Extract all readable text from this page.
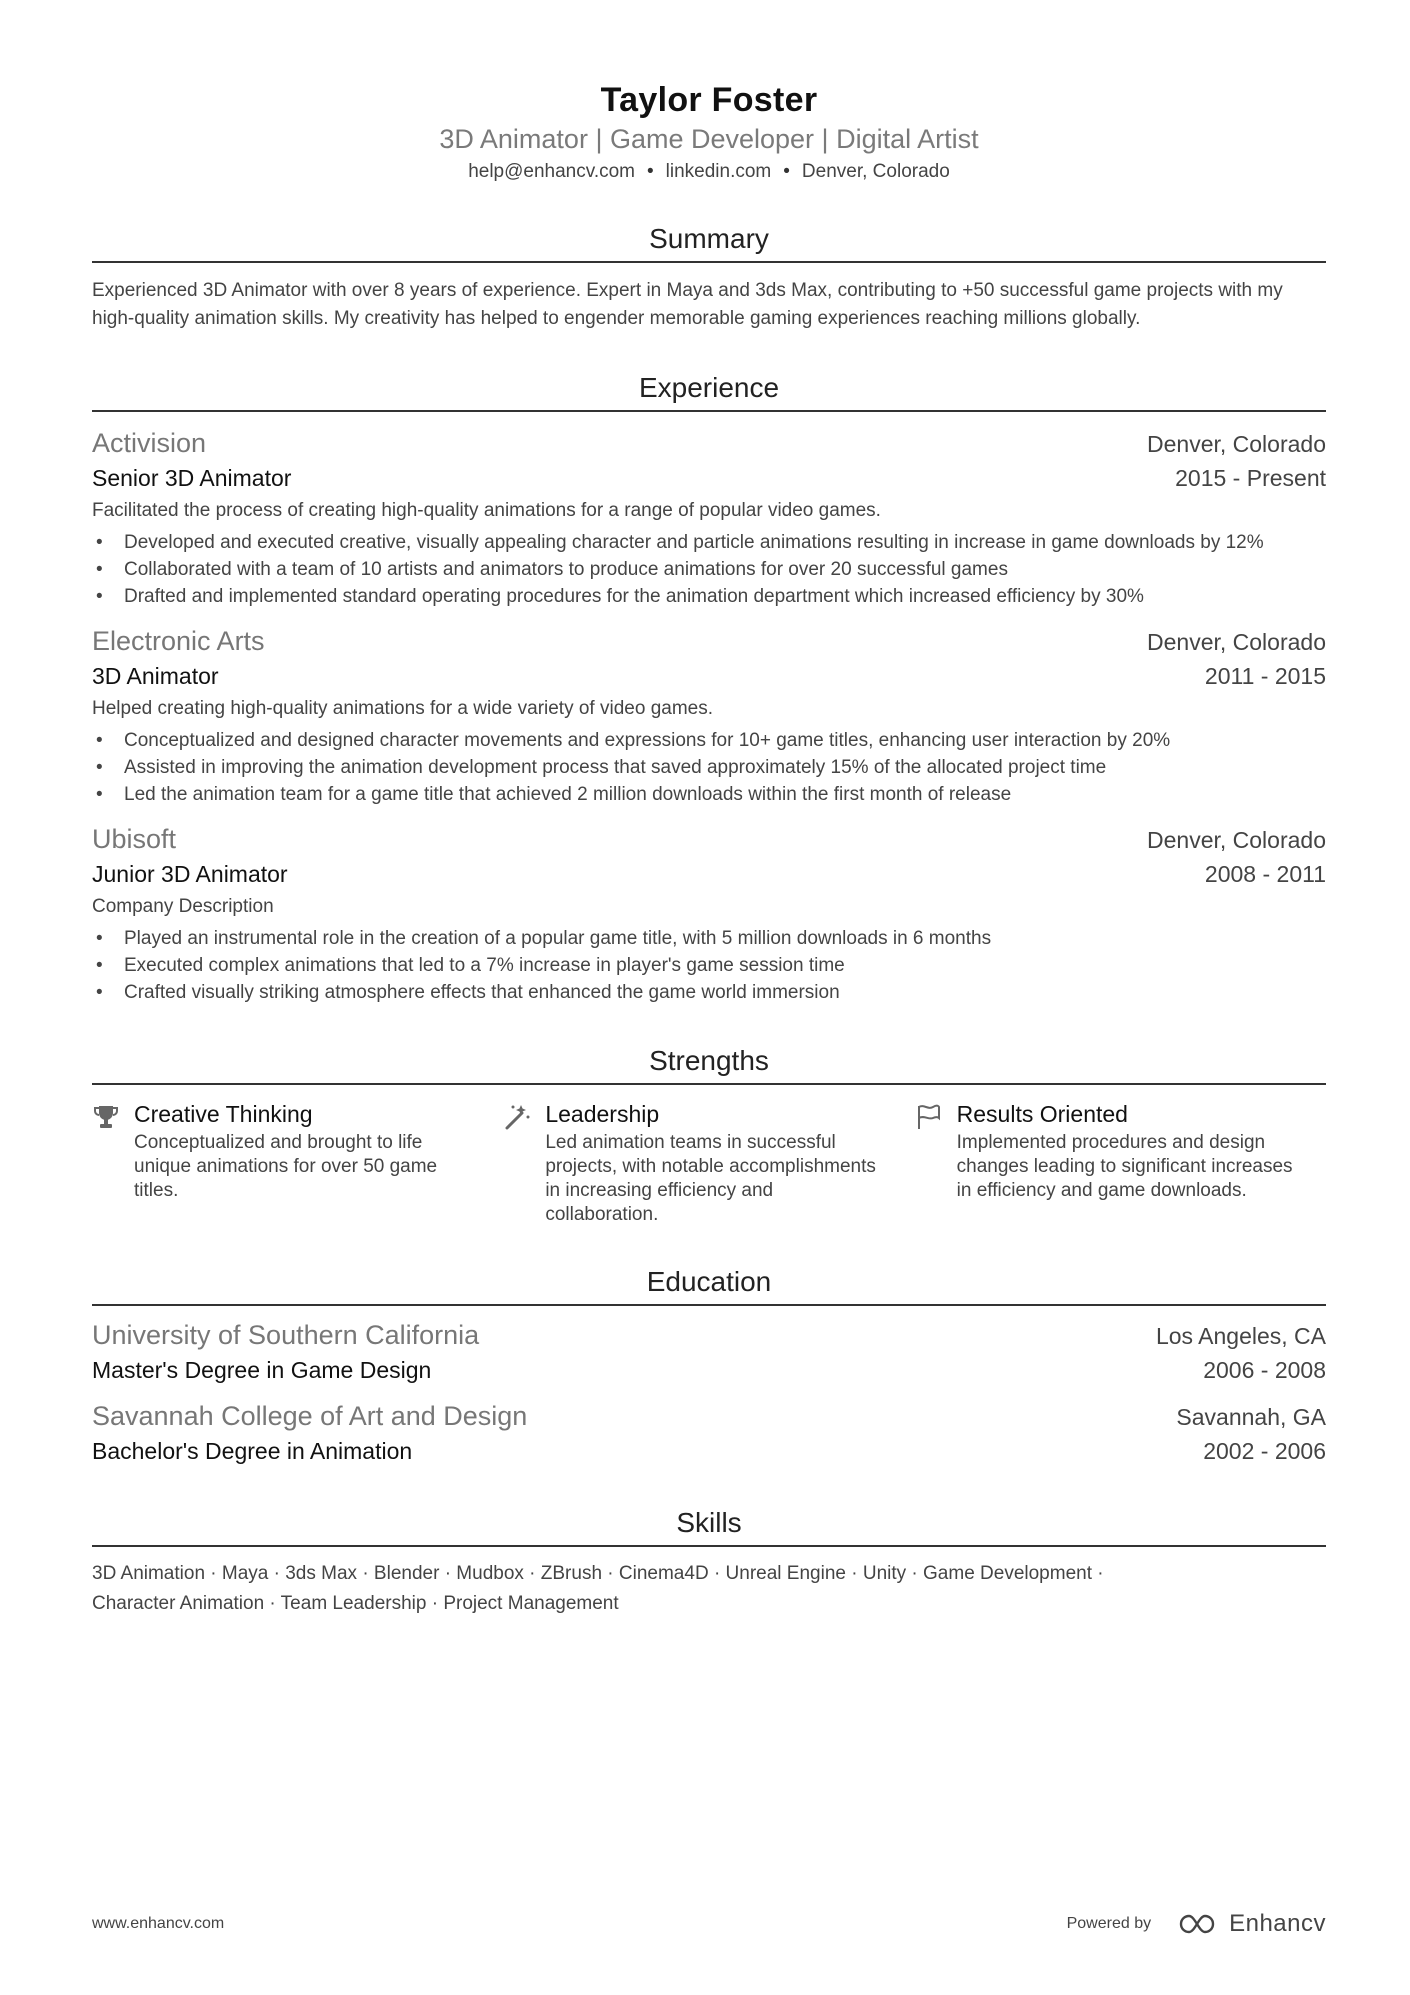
Taylor Foster
3D Animator | Game Developer | Digital Artist
help@enhancv.com • linkedin.com • Denver, Colorado
Summary
Experienced 3D Animator with over 8 years of experience. Expert in Maya and 3ds Max, contributing to +50 successful game projects with my high-quality animation skills. My creativity has helped to engender memorable gaming experiences reaching millions globally.
Experience
Activision	Denver, Colorado
Senior 3D Animator	2015 - Present
Facilitated the process of creating high-quality animations for a range of popular video games.
• Developed and executed creative, visually appealing character and particle animations resulting in increase in game downloads by 12%
• Collaborated with a team of 10 artists and animators to produce animations for over 20 successful games
• Drafted and implemented standard operating procedures for the animation department which increased efficiency by 30%
Electronic Arts	Denver, Colorado
3D Animator	2011 - 2015
Helped creating high-quality animations for a wide variety of video games.
• Conceptualized and designed character movements and expressions for 10+ game titles, enhancing user interaction by 20%
• Assisted in improving the animation development process that saved approximately 15% of the allocated project time
• Led the animation team for a game title that achieved 2 million downloads within the first month of release
Ubisoft	Denver, Colorado
Junior 3D Animator	2008 - 2011
Company Description
• Played an instrumental role in the creation of a popular game title, with 5 million downloads in 6 months
• Executed complex animations that led to a 7% increase in player's game session time
• Crafted visually striking atmosphere effects that enhanced the game world immersion
Strengths
Creative Thinking
Conceptualized and brought to life unique animations for over 50 game titles.
Leadership
Led animation teams in successful projects, with notable accomplishments in increasing efficiency and collaboration.
Results Oriented
Implemented procedures and design changes leading to significant increases in efficiency and game downloads.
Education
University of Southern California	Los Angeles, CA
Master's Degree in Game Design	2006 - 2008
Savannah College of Art and Design	Savannah, GA
Bachelor's Degree in Animation	2002 - 2006
Skills
3D Animation · Maya · 3ds Max · Blender · Mudbox · ZBrush · Cinema4D · Unreal Engine · Unity · Game Development ·
Character Animation · Team Leadership · Project Management
www.enhancv.com	Powered by	Enhancv
